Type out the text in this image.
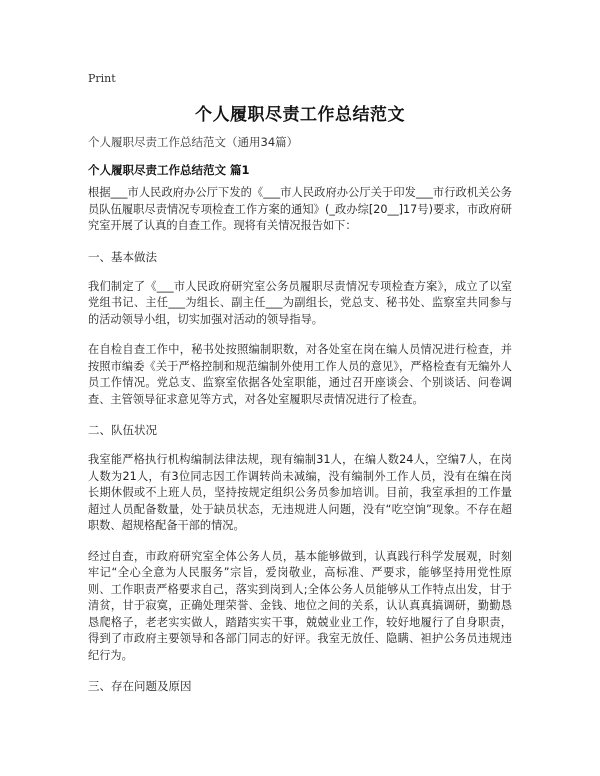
Print
个人履职尽责工作总结范文
个人履职尽责工作总结范文（通用34篇）
个人履职尽责工作总结范文 篇1

根据___市人民政府办公厅下发的《___市人民政府办公厅关于印发___市行政机关公务员队伍履职尽责情况专项检查工作方案的通知》(_政办综[20__]17号)要求，市政府研究室开展了认真的自查工作。现将有关情况报告如下：

一、基本做法

我们制定了《___市人民政府研究室公务员履职尽责情况专项检查方案》，成立了以室党组书记、主任___为组长、副主任___为副组长，党总支、秘书处、监察室共同参与的活动领导小组，切实加强对活动的领导指导。

在自检自查工作中，秘书处按照编制职数，对各处室在岗在编人员情况进行检查，并按照市编委《关于严格控制和规范编制外使用工作人员的意见》，严格检查有无编外人员工作情况。党总支、监察室依据各处室职能，通过召开座谈会、个别谈话、问卷调查、主管领导征求意见等方式，对各处室履职尽责情况进行了检查。

二、队伍状况

我室能严格执行机构编制法律法规，现有编制31人，在编人数24人，空编7人，在岗人数为21人，有3位同志因工作调转尚未减编，没有编制外工作人员，没有在编在岗长期休假或不上班人员，坚持按规定组织公务员参加培训。目前，我室承担的工作量超过人员配备数量，处于缺员状态，无违规进人问题，没有“吃空饷”现象。不存在超职数、超规格配备干部的情况。

经过自查，市政府研究室全体公务人员，基本能够做到，认真践行科学发展观，时刻牢记“全心全意为人民服务”宗旨，爱岗敬业，高标准、严要求，能够坚持用党性原则、工作职责严格要求自己，落实到岗到人;全体公务人员能够从工作特点出发，甘于清贫，甘于寂寞，正确处理荣誉、金钱、地位之间的关系，认认真真搞调研，勤勤恳恳爬格子，老老实实做人，踏踏实实干事，兢兢业业工作，较好地履行了自身职责，得到了市政府主要领导和各部门同志的好评。我室无放任、隐瞒、袒护公务员违规违纪行为。

三、存在问题及原因
